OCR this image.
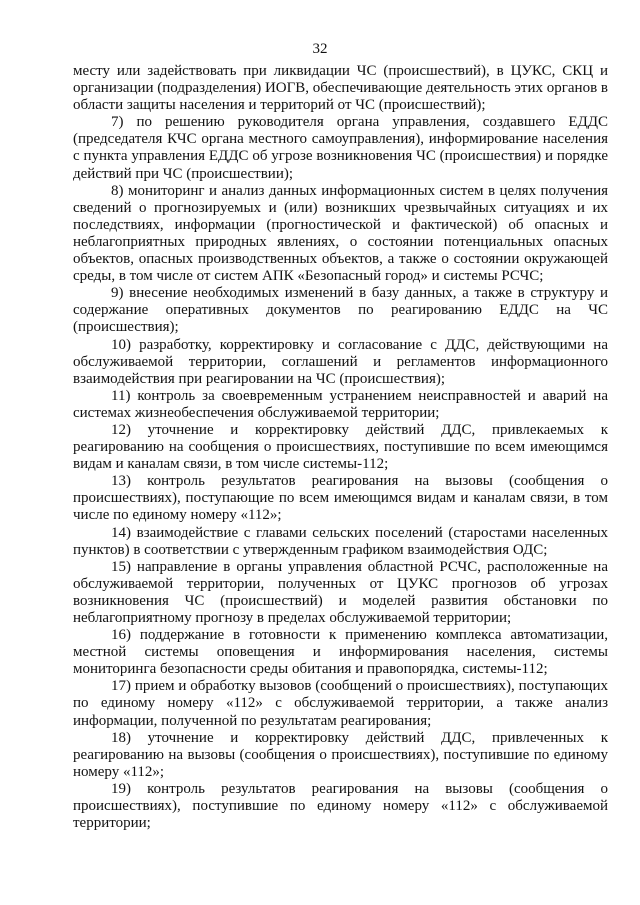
32

месту или задействовать при ликвидации ЧС (происшествий), в ЦУКС, СКЦ и организации (подразделения) ИОГВ, обеспечивающие деятельность этих органов в области защиты населения и территорий от ЧС (происшествий);

7) по решению руководителя органа управления, создавшего ЕДДС (председателя КЧС органа местного самоуправления), информирование населения с пункта управления ЕДДС об угрозе возникновения ЧС (происшествия) и порядке действий при ЧС (происшествии);

8) мониторинг и анализ данных информационных систем в целях получения сведений о прогнозируемых и (или) возникших чрезвычайных ситуациях и их последствиях, информации (прогностической и фактической) об опасных и неблагоприятных природных явлениях, о состоянии потенциальных опасных объектов, опасных производственных объектов, а также о состоянии окружающей среды, в том числе от систем АПК «Безопасный город» и системы РСЧС;

9) внесение необходимых изменений в базу данных, а также в структуру и содержание оперативных документов по реагированию ЕДДС на ЧС (происшествия);

10) разработку, корректировку и согласование с ДДС, действующими на обслуживаемой территории, соглашений и регламентов информационного взаимодействия при реагировании на ЧС (происшествия);

11) контроль за своевременным устранением неисправностей и аварий на системах жизнеобеспечения обслуживаемой территории;

12) уточнение и корректировку действий ДДС, привлекаемых к реагированию на сообщения о происшествиях, поступившие по всем имеющимся видам и каналам связи, в том числе системы-112;

13) контроль результатов реагирования на вызовы (сообщения о происшествиях), поступающие по всем имеющимся видам и каналам связи, в том числе по единому номеру «112»;

14) взаимодействие с главами сельских поселений (старостами населенных пунктов) в соответствии с утвержденным графиком взаимодействия ОДС;

15) направление в органы управления областной РСЧС, расположенные на обслуживаемой территории, полученных от ЦУКС прогнозов об угрозах возникновения ЧС (происшествий) и моделей развития обстановки по неблагоприятному прогнозу в пределах обслуживаемой территории;

16) поддержание в готовности к применению комплекса автоматизации, местной системы оповещения и информирования населения, системы мониторинга безопасности среды обитания и правопорядка, системы-112;

17) прием и обработку вызовов (сообщений о происшествиях), поступающих по единому номеру «112» с обслуживаемой территории, а также анализ информации, полученной по результатам реагирования;

18) уточнение и корректировку действий ДДС, привлеченных к реагированию на вызовы (сообщения о происшествиях), поступившие по единому номеру «112»;

19) контроль результатов реагирования на вызовы (сообщения о происшествиях), поступившие по единому номеру «112» с обслуживаемой территории;
